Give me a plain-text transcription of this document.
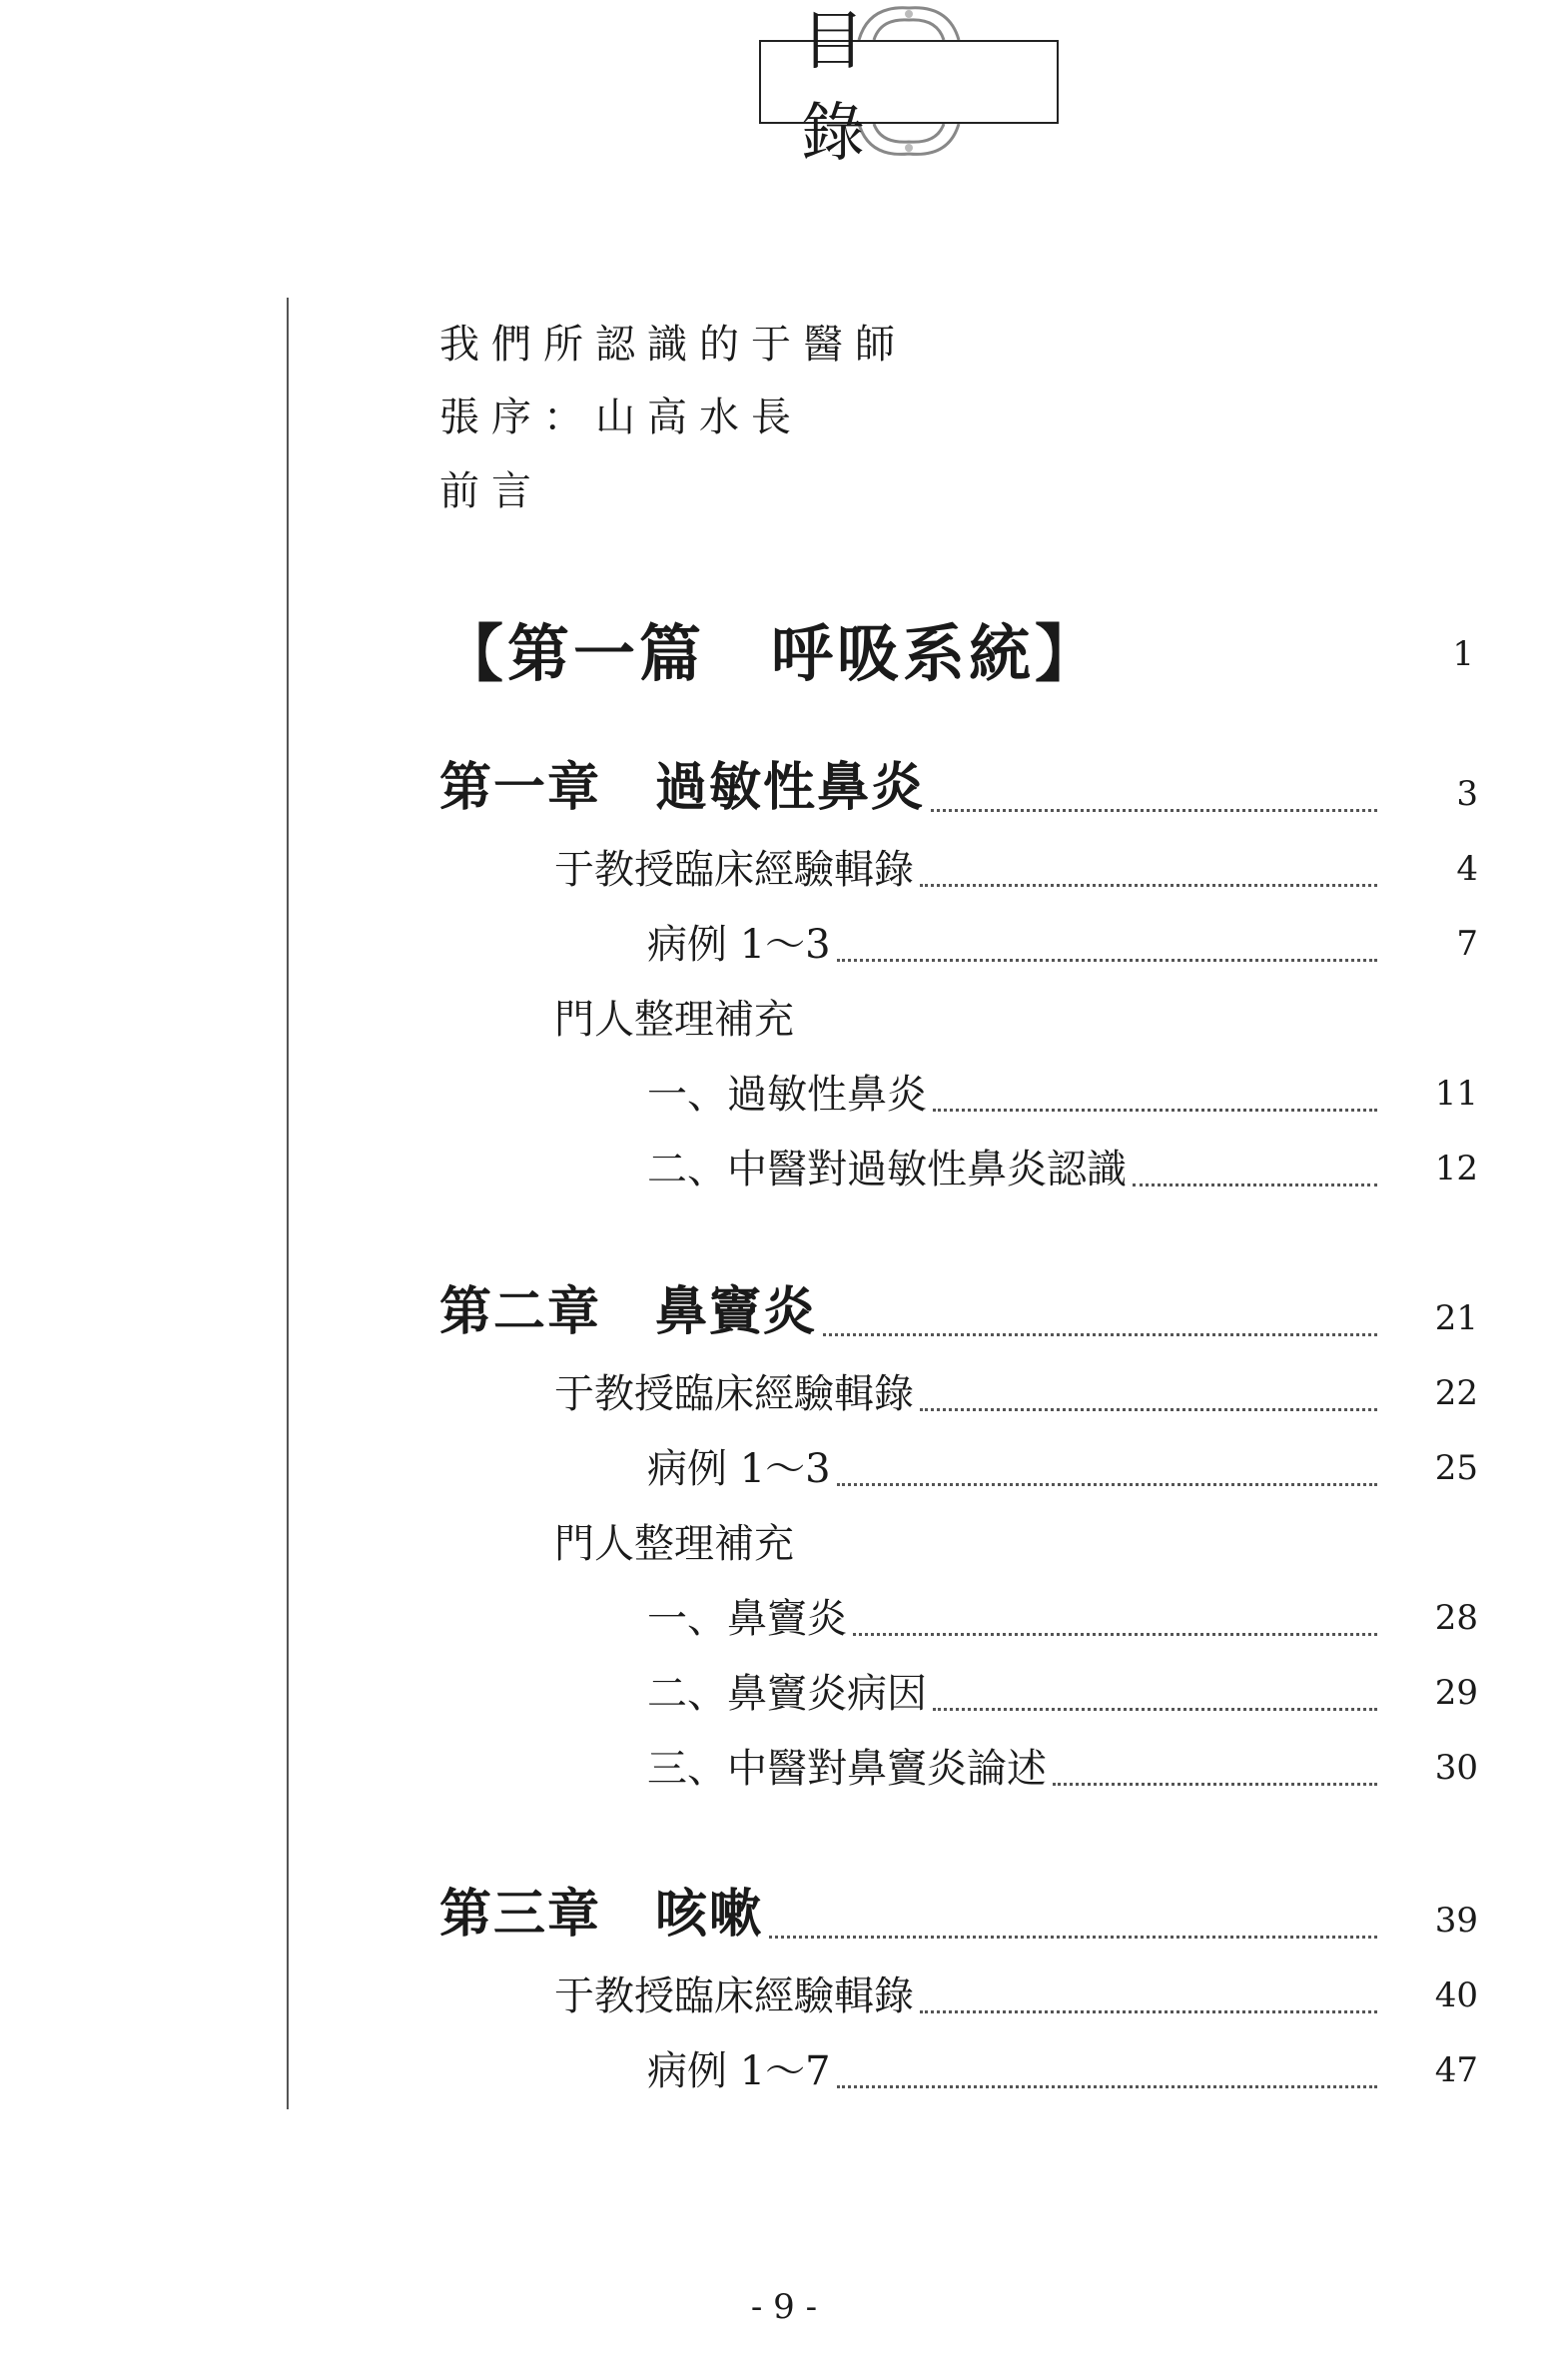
目 錄
我們所認識的于醫師
張序：山高水長
前言
【第一篇　呼吸系統】	1
第一章　過敏性鼻炎	3
于教授臨床經驗輯錄	4
病例 1～3	7
門人整理補充
一、過敏性鼻炎	11
二、中醫對過敏性鼻炎認識	12
第二章　鼻竇炎	21
于教授臨床經驗輯錄	22
病例 1～3	25
門人整理補充
一、鼻竇炎	28
二、鼻竇炎病因	29
三、中醫對鼻竇炎論述	30
第三章　咳嗽	39
于教授臨床經驗輯錄	40
病例 1～7	47
- 9 -
